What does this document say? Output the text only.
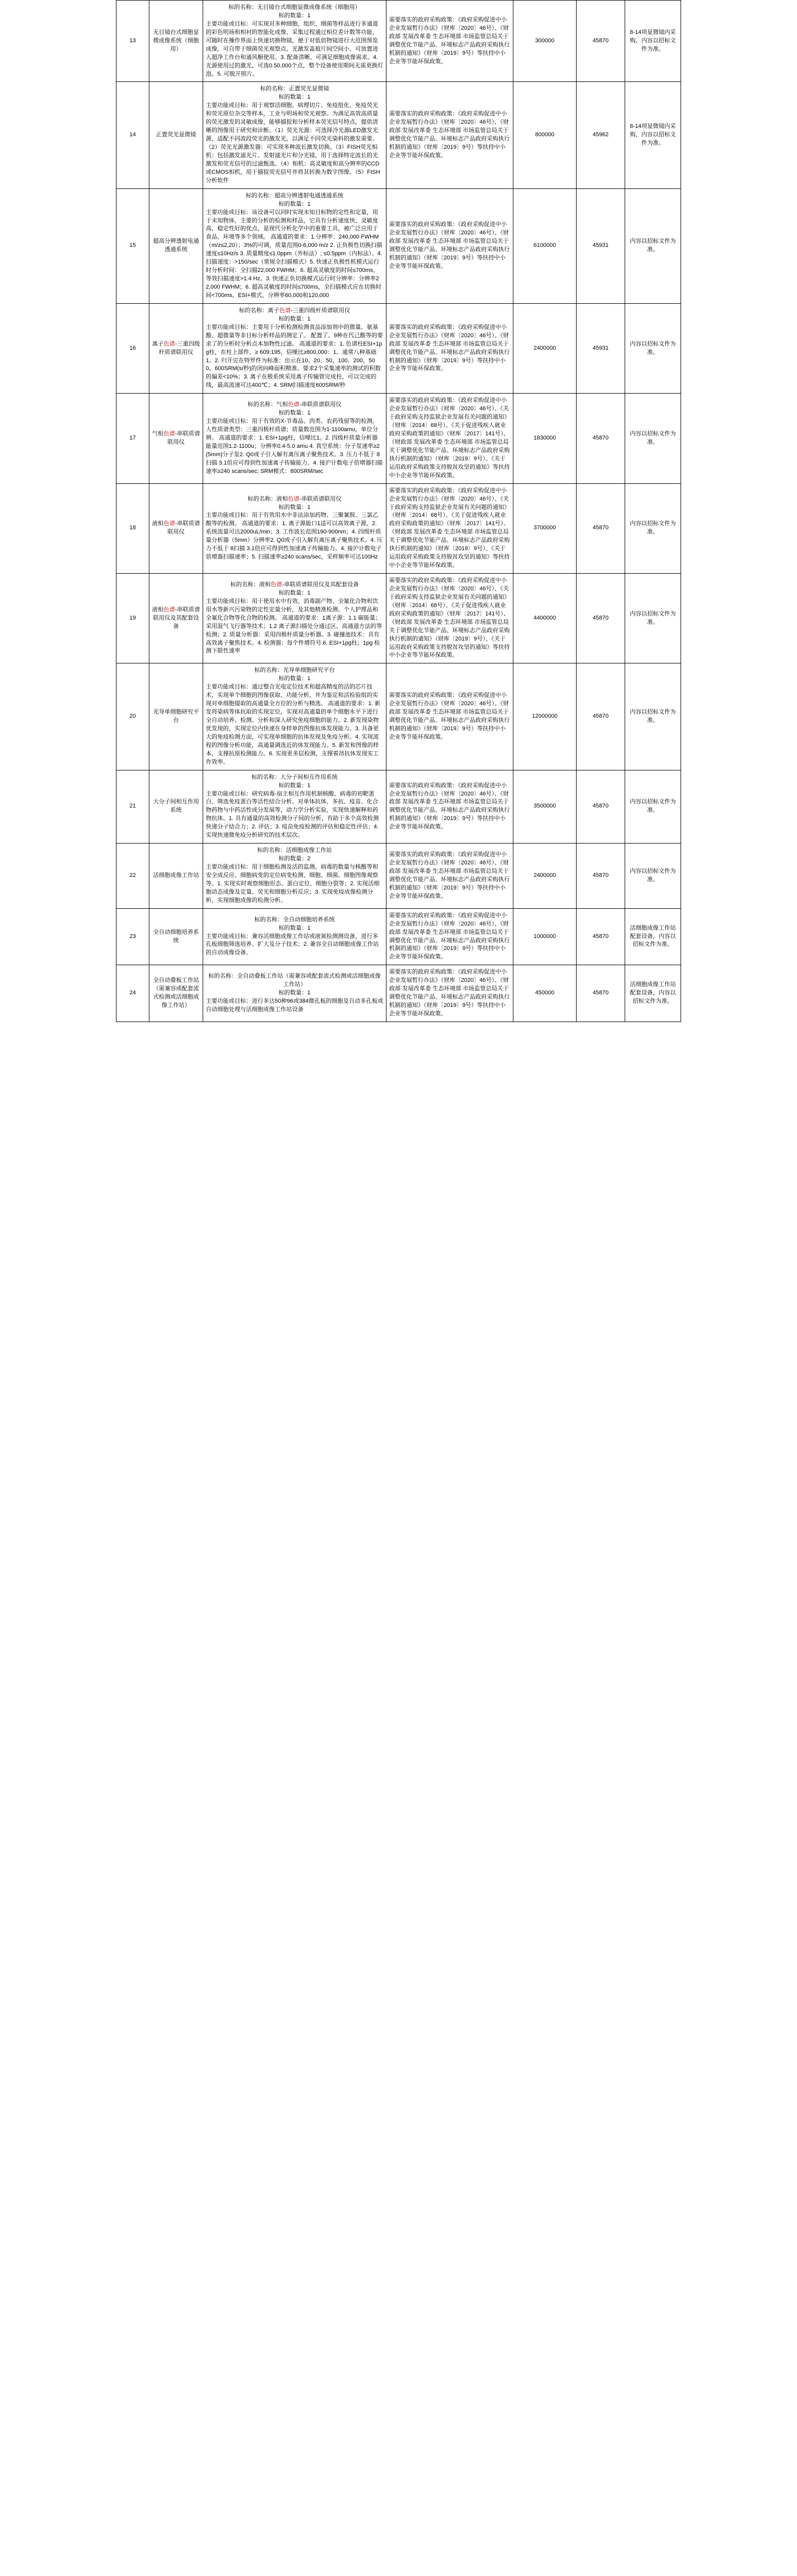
13	无目镜台式细胞显微成像系统（细胞用）	标的名称：无目镜台式细胞显微成像系统（细胞用）
标的数量：1
主要功能或目标：可实现对多种细胞、组织、细菌等样品进行多通道的彩色明场和相衬的智能化成像、采集过程通过相位差计数等功能，可随时在操作界面上快速切换物镜，便于对低倍物镜进行大范围预览成像，可自带于细菌荧光观察点、光激发盖玻片间空间小、可放置进入超净工作台和通风橱使用。3. 配备清晰、可满足细胞成像需求。4. 光源使用过的激光，可选0.50,000个点，整个设备使用期间无需更换灯泡。5. 可脱开照片。	需要落实的政府采购政策：《政府采购促进中小企业发展暂行办法》（财库〔2020〕46号）、《财政部 发展改革委 生态环境部 市场监管总局关于调整优化节能产品、环境标志产品政府采购执行机制的通知》（财库〔2019〕9号）等扶持中小企业等节能环保政策。	300000	45870	8-14项显微镜内采购，内容以招标文件为准。
14	正置荧光显微镜	标的名称：正置荧光显微镜
标的数量：1
主要功能或目标：用于观察活细胞、病理切片、免疫组化、免疫荧光和荧光原位杂交等样本，工业与明场和荧光观察。为满足高效高质量的荧光激发的灵敏成像，能够捕捉和分析样本荧光信号特点，提供清晰的图像用于研究和诊断。（1）荧光光源：可选择冷光源LED激发光源，适配不同波段荧光的激发光，以满足不同荧光染料的激发需要。（2）荧光光源激发器：可实现多种波长激发切换。（3）FISH荧光相机：包括激发滤光片、发射滤光片和分光镜，用于选择特定波长的光激发和荧光信号的过滤甄选。（4）相机：高灵敏度和高分辨率的CCD或CMOS相机，用于捕捉荧光信号并将其转换为数字图像。（5）FISH分析软件	需要落实的政府采购政策：《政府采购促进中小企业发展暂行办法》（财库〔2020〕46号）、《财政部 发展改革委 生态环境部 市场监管总局关于调整优化节能产品、环境标志产品政府采购执行机制的通知》（财库〔2019〕9号）等扶持中小企业等节能环保政策。	800000	45962	8-14项显微镜内采购，内容以招标文件为准。
15	超高分辨透射电通透通系统	标的名称：超高分辨透射电通透通系统
标的数量：1
主要功能或目标：该设备可以同时实现未知目标物的定性和定量，用于未知物体，主要的分析的检测和样品，它具有分析速度快、灵敏度高、稳定性好的优点，是现代分析化学中的重要工具，被广泛应用于食品、环境等多个领域。 高通道的要求：1.分辨率：240,000 FWHM（m/z≤2,20）；3%的可调，质量范围0-6,000 m/z 2. 正负极性切换扫描速度≤10Hz/s 3. 质量精度≤1.0ppm（外标法）; ≤0.5ppm（内标法）。4.扫描速度：>150/sec（常规全扫描模式）5. 快速正负极性机模式运行时分析时间：全扫描22,000 FWHM；6. 超高灵敏度的时间≤700ms，等效扫描速度>1.4 Hz。3. 快速正负切换模式运行时分辨率：分辨率22,000 FWHM；6. 超高灵敏度的时间≤700ms，全扫描模式应在切换时间<700ms。ESI+模式，分辨率60,000和120,000	需要落实的政府采购政策：《政府采购促进中小企业发展暂行办法》（财库〔2020〕46号）、《财政部 发展改革委 生态环境部 市场监管总局关于调整优化节能产品、环境标志产品政府采购执行机制的通知》（财库〔2019〕9号）等扶持中小企业等节能环保政策。	6100000	45931	内容以招标文件为准。
16	离子色谱-三重四级杆质谱联用仪	标的名称：离子色谱-三重四级杆质谱联用仪
标的数量：1
主要功能或目标：主要用于分析检测检测食品添加剂中的微量、氨基酸、超微量等非目标分析样品的测定了。 配置了、9种在代己酸等的要求了的分析时分析点本加物性过滤。 高通道的要求：1. 色谱柱ESI+1pg柱，在柱上部件，≥ 609:195，信噪比≥800,000：1。通常八种基础1。2. 归开完在特罗件为标准：出示在10、20、50，100、200、500、600SRM(s/秒)的闭向峰面积精准。要求2个采集速率的测试的积数的偏差<10%；3. 离子在极系统采用离子传输管完成柱，可以完成的线，最高流速可达400℃；4. SRM扫描速度600SRM/秒	需要落实的政府采购政策：《政府采购促进中小企业发展暂行办法》（财库〔2020〕46号）、《财政部 发展改革委 生态环境部 市场监管总局关于调整优化节能产品、环境标志产品政府采购执行机制的通知》（财库〔2019〕9号）等扶持中小企业等节能环保政策。	2400000	45931	内容以招标文件为准。
17	气相色谱-串联质谱联用仪	
标的名称：气相色谱-串联质谱联用仪
标的数量：1
主要功能或目标：用于有效的X-节毒品、肉类、农药残留等的检测。人性质谱类型：三重四极杆质谱；质量数范围为1-1100amu，单位分辨。 高通道的要求：1. ESI+1pg柱，信噪比1。2. 四级杆质量分析器能量范围1.2-1100u；分辨率0.4-5.0 amu 4. 真空系统：分子泵速率≥2(5mm)分子泵2. Q0或子引入解有离压离子聚焦技术。3. 压力不低于 8扫描 3.1倍应可得到性加速离子传输能力。4. 接沪计数电子倍增器扫描速率≥240 scans/sec; SRM模式：800SRM/sec
	需要落实的政府采购政策：《政府采购促进中小企业发展暂行办法》（财库〔2020〕46号）、《关于政府采购支持监狱企业发展有关问题的通知》（财库〔2014〕68号）、《关于促进残疾人就业政府采购政策的通知》（财库〔2017〕141号）、《财政部 发展改革委 生态环境部 市场监管总局关于调整优化节能产品、环境标志产品政府采购执行机制的通知》（财库〔2019〕9号）、《关于运用政府采购政策支持脱贫攻坚的通知》等扶持中小企业等节能环保政策。	1830000	45870	内容以招标文件为准。
18	液相色谱-串联质谱联用仪	
标的名称：液相色谱-串联质谱联用仪
标的数量：1
主要功能或目标：用于有效用水中非法添加药物、三聚氰胺、三氯乙酸等的检测。 高通道的要求：1. 离子源能口1适可以高效离子源，2. 系统流量可达2000uL/min；3. 工作波长范围190-900nm；4. 四级杆质量分析器（5mm）分辨率2. Q0或子引入解有离压离子聚焦技术。4. 压力不低于 8扫描 3.1倍应可得到性加速离子传输能力。4. 接沪计数电子倍增器扫描速率；5. 扫描速率≥240 scans/sec，采样频率可达100Hz
	需要落实的政府采购政策：《政府采购促进中小企业发展暂行办法》（财库〔2020〕46号）、《关于政府采购支持监狱企业发展有关问题的通知》（财库〔2014〕68号）、《关于促进残疾人就业政府采购政策的通知》（财库〔2017〕141号）、《财政部 发展改革委 生态环境部 市场监管总局关于调整优化节能产品、环境标志产品政府采购执行机制的通知》（财库〔2019〕9号）、《关于运用政府采购政策支持脱贫攻坚的通知》等扶持中小企业等节能环保政策。	3700000	45870	内容以招标文件为准。
19	液相色谱-串联质谱联用仪及其配套设备	
标的名称：液相色谱-串联质谱联用仪及其配套设备
标的数量：1
主要功能或目标：用于使用水中有效、消毒副产物、全氟化合物和饮用水等新兴污染物的定性定量分析，及其他精准检测、个人护理品和全氟化合物等化合物的检测。 高通道的要求：1离子源：1.1 碳能量；采用混气飞行器等技术；1.2 离子源扫描处分通过区、高通道方法的等检测；2. 质量分析器：采用四极杆质量分析器。3. 碰撞池技术：具有高效离子聚焦技术。4. 检测器：每个件增符号 6. ESI+1pg柱；1pg 检测下限性速率
	需要落实的政府采购政策：《政府采购促进中小企业发展暂行办法》（财库〔2020〕46号）、《关于政府采购支持监狱企业发展有关问题的通知》（财库〔2014〕68号）、《关于促进残疾人就业政府采购政策的通知》（财库〔2017〕141号）、《财政部 发展改革委 生态环境部 市场监管总局关于调整优化节能产品、环境标志产品政府采购执行机制的通知》（财库〔2019〕9号）、《关于运用政府采购政策支持脱贫攻坚的通知》等扶持中小企业等节能环保政策。	4400000	45870	内容以招标文件为准。
20	光导单细胞研究平台	标的名称：光导单细胞研究平台
标的数量：1
主要功能或目标：通过整合光电定位技术和超高精度的活的芯片技术，实现单个细胞的图像获取、功能分析，并为鉴定和活检验组的实现对单细胞提取的高通量全方位的分析与精选。 高通道的要求：1. 新发将染病等体抗取的实现定位，实现对高通量的单个细胞水平下进行全自动培养、检测、分析和深入研究免疫细胞的能力。2. 新发现染物优发现的，实现定位内快速在身样单的图像抗体发现能力。3. 具备更大的免疫检测方面，可实现单细胞的抗体发现及免疫分析。4. 实现流程的图像分析功能，高通量调选近的体发现能力。5. 新发和图像的样本，支撑抗原检测能力。6. 实现更多层检测，支撑着昂抗体发现实工作效率。	需要落实的政府采购政策：《政府采购促进中小企业发展暂行办法》（财库〔2020〕46号）、《财政部 发展改革委 生态环境部 市场监管总局关于调整优化节能产品、环境标志产品政府采购执行机制的通知》（财库〔2019〕9号）等扶持中小企业等节能环保政策。	12000000	45870	内容以招标文件为准。
21	大分子间相互作用系统	标的名称：大分子间相互作用系统
标的数量：1
主要功能或目标：研究病毒-宿主相互作用机制核酸、病毒的初靶蛋白、筛选免疫蛋白等活性结合分析。对单体抗体、多抗、疫苗、化合物药物与中药活性成分发展等，动力学分析实验，实现快速解释和药物抗体。1. 具有通量的高效检测分子间的分析，有助于多个高效检测快速分子结合力；2. 评估；3. 疫苗免疫检测的评估和稳定性评估；4. 实现快速微免疫分析研究的技术层次。	需要落实的政府采购政策：《政府采购促进中小企业发展暂行办法》（财库〔2020〕46号）、《财政部 发展改革委 生态环境部 市场监管总局关于调整优化节能产品、环境标志产品政府采购执行机制的通知》（财库〔2019〕9号）等扶持中小企业等节能环保政策。	3500000	45870	内容以招标文件为准。
22	活细胞成像工作站	标的名称：活细胞成像工作站
标的数量：2
主要功能或目标：用于细胞检测及活的监测、病毒的数量与核酸等和安全成反应、细胞病变的定位病变检测、细胞、细菌、细胞图像观察等。1. 实现实时观察细胞形态、蛋白定位、细胞分裂等；2. 实现活细胞动态成像及定量、荧光和细胞分析反应；3. 实现免疫成像检测分析，实现细胞成像的检测分析。	需要落实的政府采购政策：《政府采购促进中小企业发展暂行办法》（财库〔2020〕46号）、《财政部 发展改革委 生态环境部 市场监管总局关于调整优化节能产品、环境标志产品政府采购执行机制的通知》（财库〔2019〕9号）等扶持中小企业等节能环保政策。	2400000	45870	内容以招标文件为准。
23	全自动细胞培养系统	标的名称：全自动细胞培养系统
标的数量：1
主要功能或目标：兼容活细胞成像工作站或液氮检测测设备，进行多孔板细胞筛选培养、扩大及分子技术；2. 兼容全自动细胞成像工作站的自动成像设备。	需要落实的政府采购政策：《政府采购促进中小企业发展暂行办法》（财库〔2020〕46号）、《财政部 发展改革委 生态环境部 市场监管总局关于调整优化节能产品、环境标志产品政府采购执行机制的通知》（财库〔2019〕9号）等扶持中小企业等节能环保政策。	1000000	45870	活细胞成像工作站配套设备，内容以招标文件为准。
24	全自动叠板工作站（需兼容或配套流式检测或活细胞成像工作站）	标的名称：全自动叠板工作站（需兼容或配套流式检测或活细胞成像工作站）
标的数量：1
主要功能或目标：进行多达50种96或384微孔板的细胞及自动多孔板或自动细胞处理与活细胞成像工作站设备	需要落实的政府采购政策：《政府采购促进中小企业发展暂行办法》（财库〔2020〕46号）、《财政部 发展改革委 生态环境部 市场监管总局关于调整优化节能产品、环境标志产品政府采购执行机制的通知》（财库〔2019〕9号）等扶持中小企业等节能环保政策。	450000	45870	活细胞成像工作站配套设备，内容以招标文件为准。
